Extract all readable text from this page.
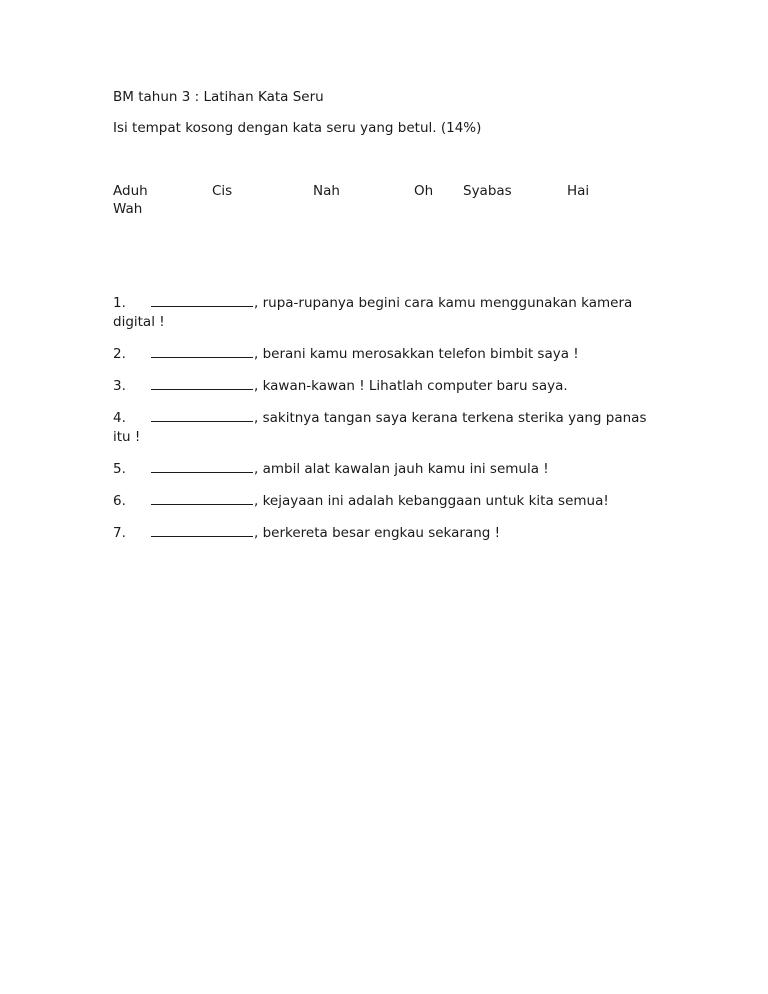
BM tahun 3 : Latihan Kata Seru
Isi tempat kosong dengan kata seru yang betul. (14%)
Aduh	Cis	Nah	Oh Syabas	Hai
Wah
1.	, rupa-rupanya begini cara kamu menggunakan kamera digital !
2.	, berani kamu merosakkan telefon bimbit saya !
3.	, kawan-kawan ! Lihatlah computer baru saya.
4.	, sakitnya tangan saya kerana terkena sterika yang panas itu !
5.	, ambil alat kawalan jauh kamu ini semula !
6.	, kejayaan ini adalah kebanggaan untuk kita semua!
7.	, berkereta besar engkau sekarang !
